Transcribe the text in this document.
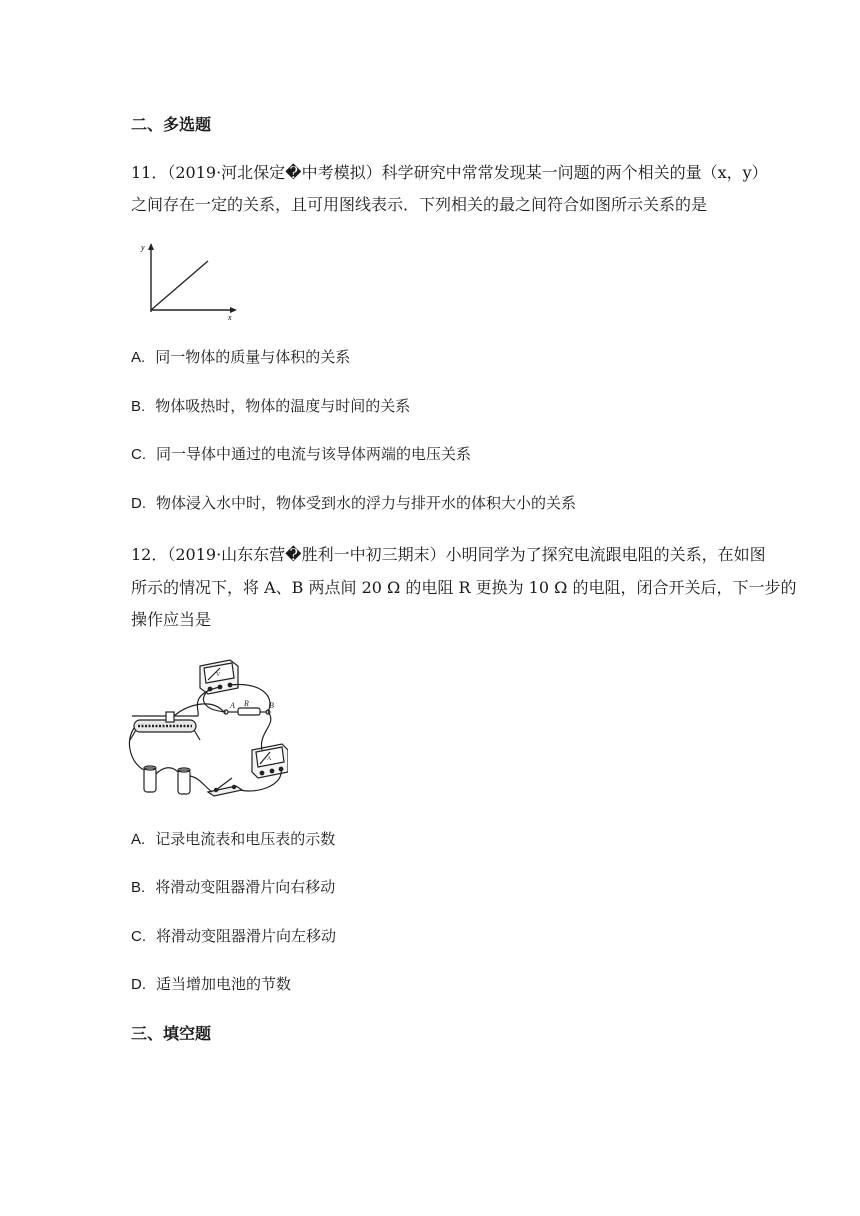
二、多选题
11．（2019·河北保定�中考模拟）科学研究中常常发现某一问题的两个相关的量（x，y）
之间存在一定的关系，且可用图线表示．下列相关的最之间符合如图所示关系的是
y
x
A. 同一物体的质量与体积的关系
B. 物体吸热时，物体的温度与时间的关系
C. 同一导体中通过的电流与该导体两端的电压关系
D. 物体浸入水中时，物体受到水的浮力与排开水的体积大小的关系
12．（2019·山东东营�胜利一中初三期末）小明同学为了探究电流跟电阻的关系，在如图
所示的情况下，将 A、B 两点间 20 Ω 的电阻 R 更换为 10 Ω 的电阻，闭合开关后，下一步的
操作应当是
A R	B
V
A
A. 记录电流表和电压表的示数
B. 将滑动变阻器滑片向右移动
C. 将滑动变阻器滑片向左移动
D. 适当增加电池的节数
三、填空题
